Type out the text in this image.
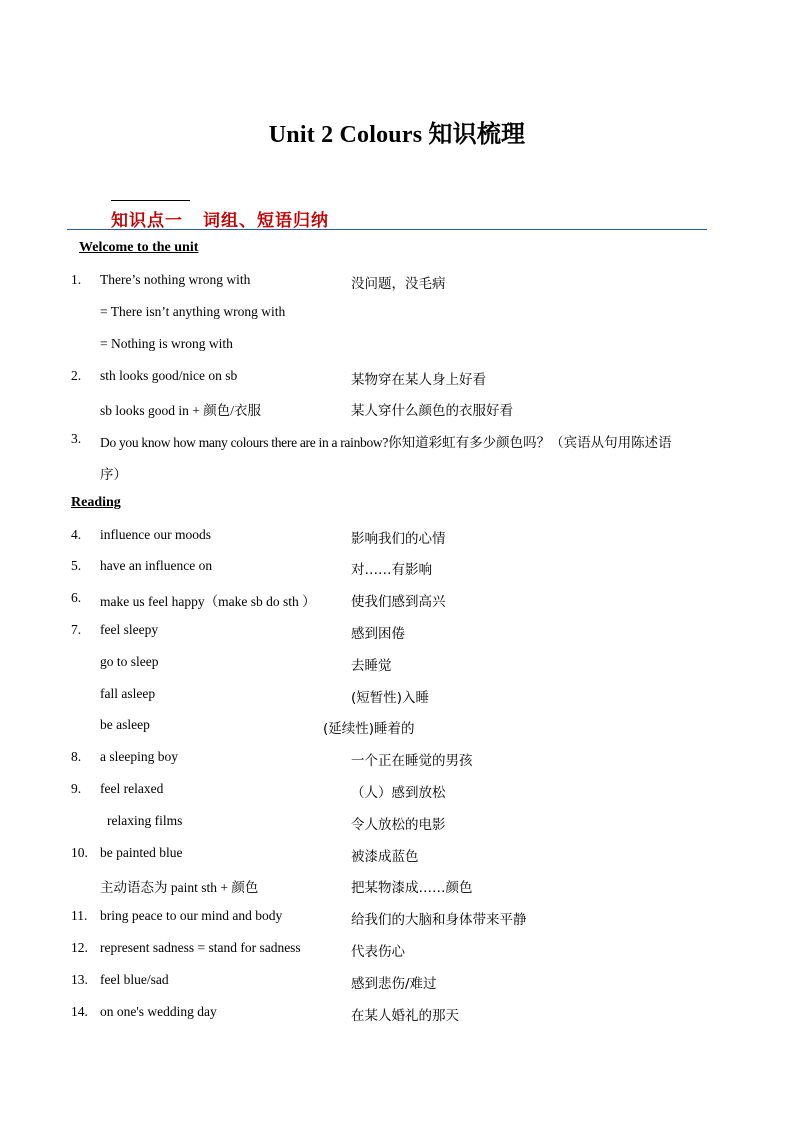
Unit 2 Colours 知识梳理
知识点一 词组、短语归纳
Welcome to the unit
1. There’s nothing wrong with	没问题，没毛病
= There isn’t anything wrong with
= Nothing is wrong with
2. sth looks good/nice on sb	某物穿在某人身上好看
sb looks good in + 颜色/衣服	某人穿什么颜色的衣服好看
3. Do you know how many colours there are in a rainbow?你知道彩虹有多少颜色吗？（宾语从句用陈述语
序）
Reading
4. influence our moods	影响我们的心情
5. have an influence on	对……有影响
6. make us feel happy（make sb do sth ）	使我们感到高兴
7. feel sleepy	感到困倦
go to sleep	去睡觉
fall asleep	(短暂性)入睡
be asleep	(延续性)睡着的
8. a sleeping boy	一个正在睡觉的男孩
9. feel relaxed	（人）感到放松
relaxing films	令人放松的电影
10. be painted blue	被漆成蓝色
主动语态为 paint sth + 颜色	把某物漆成……颜色
11. bring peace to our mind and body	给我们的大脑和身体带来平静
12. represent sadness = stand for sadness	代表伤心
13. feel blue/sad	感到悲伤/难过
14. on one's wedding day	在某人婚礼的那天
